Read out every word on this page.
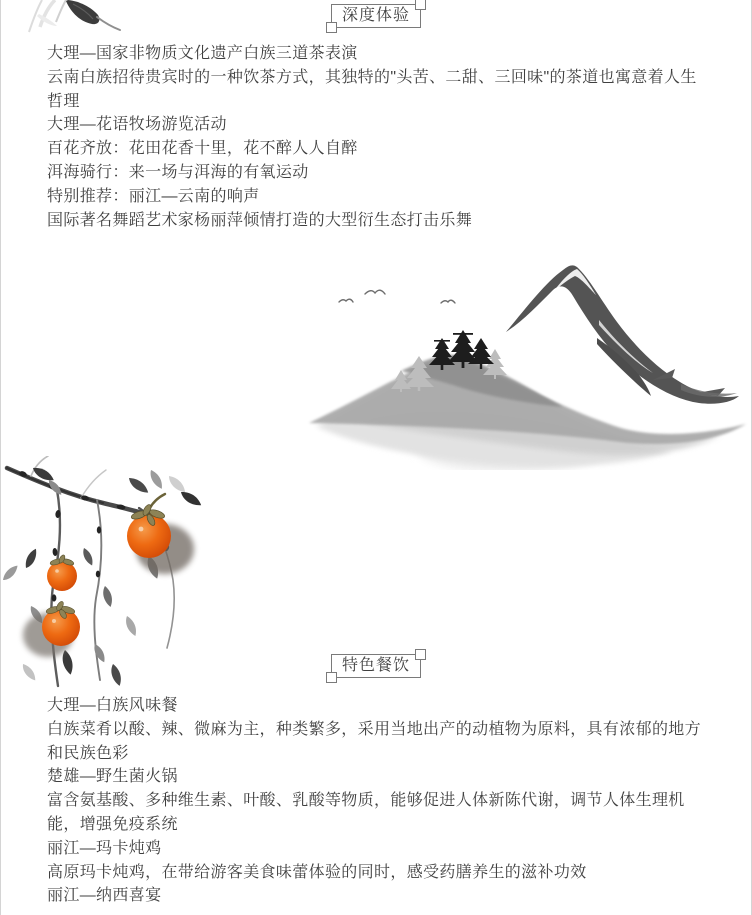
深度体验

大理—国家非物质文化遗产白族三道茶表演

云南白族招待贵宾时的一种饮茶方式，其独特的"头苦、二甜、三回味"的茶道也寓意着人生哲理

大理—花语牧场游览活动

百花齐放：花田花香十里，花不醉人人自醉

洱海骑行：来一场与洱海的有氧运动

特别推荐：丽江—云南的响声

国际著名舞蹈艺术家杨丽萍倾情打造的大型衍生态打击乐舞

特色餐饮

大理—白族风味餐

白族菜肴以酸、辣、微麻为主，种类繁多，采用当地出产的动植物为原料，具有浓郁的地方和民族色彩

楚雄—野生菌火锅

富含氨基酸、多种维生素、叶酸、乳酸等物质，能够促进人体新陈代谢，调节人体生理机能，增强免疫系统

丽江—玛卡炖鸡

高原玛卡炖鸡，在带给游客美食味蕾体验的同时，感受药膳养生的滋补功效

丽江—纳西喜宴
